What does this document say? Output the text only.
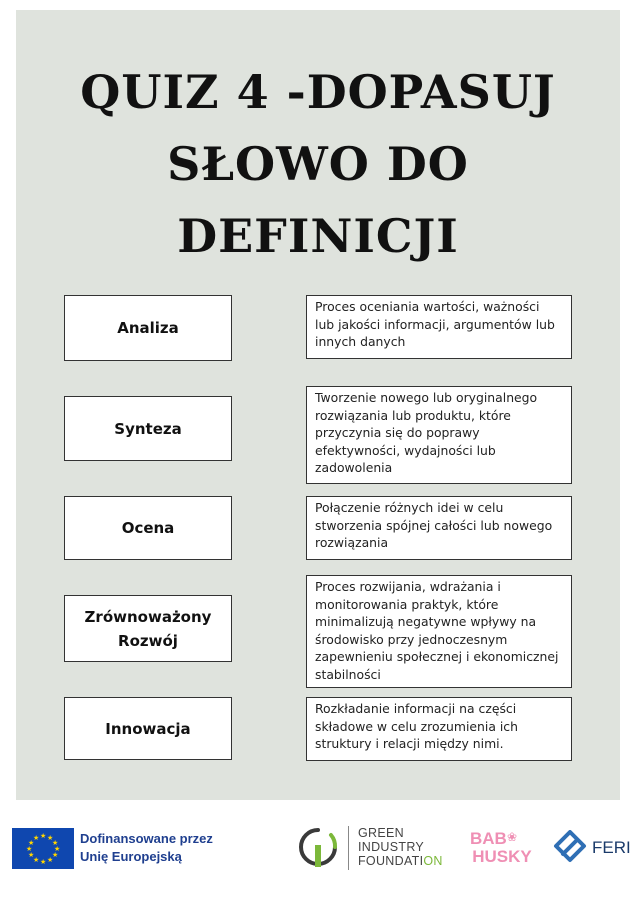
QUIZ 4 -DOPASUJ
SŁOWO DO
DEFINICJI
Analiza
Synteza
Ocena
Zrównoważony
Rozwój
Innowacja
Proces oceniania wartości, ważności
lub jakości informacji, argumentów lub
innych danych
Tworzenie nowego lub oryginalnego
rozwiązania lub produktu, które
przyczynia się do poprawy
efektywności, wydajności lub
zadowolenia
Połączenie różnych idei w celu
stworzenia spójnej całości lub nowego
rozwiązania
Proces rozwijania, wdrażania i
monitorowania praktyk, które
minimalizują negatywne wpływy na
środowisko przy jednoczesnym
zapewnieniu społecznej i ekonomicznej
stabilności
Rozkładanie informacji na części
składowe w celu zrozumienia ich
struktury i relacji między nimi.
★ ★
★
★
★
★
★
★
★
★
★
★	Dofinansowane przez
Unię Europejską
GREEN
INDUSTRY
FOUNDATION
BAB
HUSKY
❀
FERI
